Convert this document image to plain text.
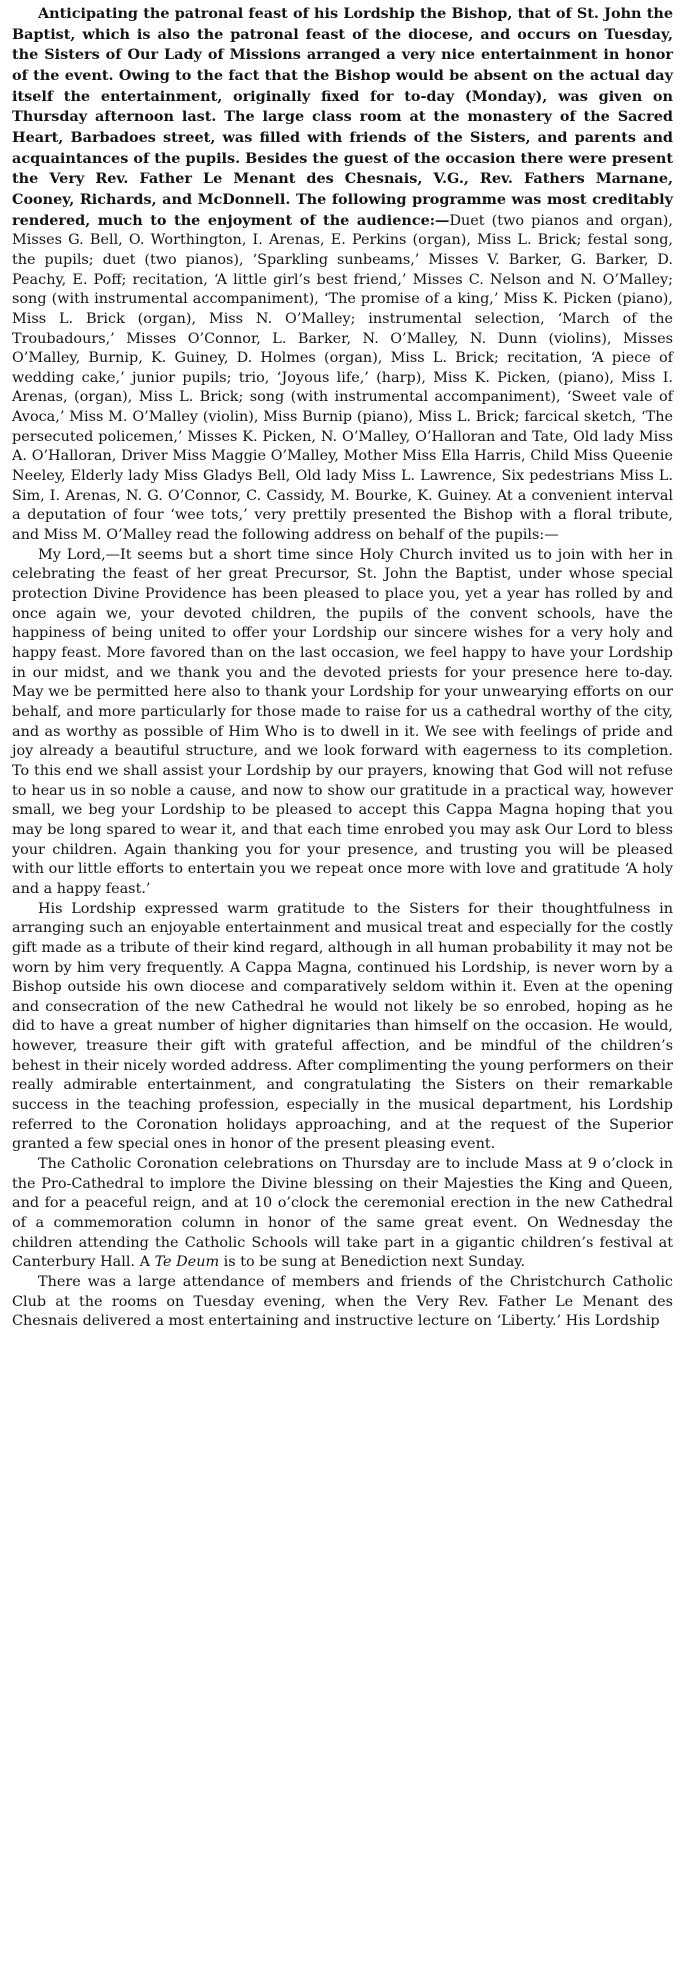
Anticipating the patronal feast of his Lordship the Bishop, that of St. John the Baptist, which is also the patronal feast of the diocese, and occurs on Tuesday, the Sisters of Our Lady of Missions arranged a very nice entertainment in honor of the event. Owing to the fact that the Bishop would be absent on the actual day itself the entertainment, originally fixed for to-day (Monday), was given on Thursday afternoon last. The large class room at the monastery of the Sacred Heart, Barbadoes street, was filled with friends of the Sisters, and parents and acquaintances of the pupils. Besides the guest of the occasion there were present the Very Rev. Father Le Menant des Chesnais, V.G., Rev. Fathers Marnane, Cooney, Richards, and McDonnell. The following programme was most creditably rendered, much to the enjoyment of the audience:—Duet (two pianos and organ), Misses G. Bell, O. Worthington, I. Arenas, E. Perkins (organ), Miss L. Brick; festal song, the pupils; duet (two pianos), ‘Sparkling sunbeams,’ Misses V. Barker, G. Barker, D. Peachy, E. Poff; recitation, ‘A little girl’s best friend,’ Misses C. Nelson and N. O’Malley; song (with instrumental accompaniment), ‘The promise of a king,’ Miss K. Picken (piano), Miss L. Brick (organ), Miss N. O’Malley; instrumental selection, ‘March of the Troubadours,’ Misses O’Connor, L. Barker, N. O’Malley, N. Dunn (violins), Misses O’Malley, Burnip, K. Guiney, D. Holmes (organ), Miss L. Brick; recitation, ‘A piece of wedding cake,’ junior pupils; trio, ‘Joyous life,’ (harp), Miss K. Picken, (piano), Miss I. Arenas, (organ), Miss L. Brick; song (with instrumental accompaniment), ‘Sweet vale of Avoca,’ Miss M. O’Malley (violin), Miss Burnip (piano), Miss L. Brick; farcical sketch, ‘The persecuted policemen,’ Misses K. Picken, N. O’Malley, O’Halloran and Tate, Old lady Miss A. O’Halloran, Driver Miss Maggie O’Malley, Mother Miss Ella Harris, Child Miss Queenie Neeley, Elderly lady Miss Gladys Bell, Old lady Miss L. Lawrence, Six pedestrians Miss L. Sim, I. Arenas, N. G. O’Connor, C. Cassidy, M. Bourke, K. Guiney. At a convenient interval a deputation of four ‘wee tots,’ very prettily presented the Bishop with a floral tribute, and Miss M. O’Malley read the following address on behalf of the pupils:—

My Lord,—It seems but a short time since Holy Church invited us to join with her in celebrating the feast of her great Precursor, St. John the Baptist, under whose special protection Divine Providence has been pleased to place you, yet a year has rolled by and once again we, your devoted children, the pupils of the convent schools, have the happiness of being united to offer your Lordship our sincere wishes for a very holy and happy feast. More favored than on the last occasion, we feel happy to have your Lordship in our midst, and we thank you and the devoted priests for your presence here to-day. May we be permitted here also to thank your Lordship for your unwearying efforts on our behalf, and more particularly for those made to raise for us a cathedral worthy of the city, and as worthy as possible of Him Who is to dwell in it. We see with feelings of pride and joy already a beautiful structure, and we look forward with eagerness to its completion. To this end we shall assist your Lordship by our prayers, knowing that God will not refuse to hear us in so noble a cause, and now to show our gratitude in a practical way, however small, we beg your Lordship to be pleased to accept this Cappa Magna hoping that you may be long spared to wear it, and that each time enrobed you may ask Our Lord to bless your children. Again thanking you for your presence, and trusting you will be pleased with our little efforts to entertain you we repeat once more with love and gratitude ‘A holy and a happy feast.’

His Lordship expressed warm gratitude to the Sisters for their thoughtfulness in arranging such an enjoyable entertainment and musical treat and especially for the costly gift made as a tribute of their kind regard, although in all human probability it may not be worn by him very frequently. A Cappa Magna, continued his Lordship, is never worn by a Bishop outside his own diocese and comparatively seldom within it. Even at the opening and consecration of the new Cathedral he would not likely be so enrobed, hoping as he did to have a great number of higher dignitaries than himself on the occasion. He would, however, treasure their gift with grateful affection, and be mindful of the children’s behest in their nicely worded address. After complimenting the young performers on their really admirable entertainment, and congratulating the Sisters on their remarkable success in the teaching profession, especially in the musical department, his Lordship referred to the Coronation holidays approaching, and at the request of the Superior granted a few special ones in honor of the present pleasing event.

The Catholic Coronation celebrations on Thursday are to include Mass at 9 o’clock in the Pro-Cathedral to implore the Divine blessing on their Majesties the King and Queen, and for a peaceful reign, and at 10 o’clock the ceremonial erection in the new Cathedral of a commemoration column in honor of the same great event. On Wednesday the children attending the Catholic Schools will take part in a gigantic children’s festival at Canterbury Hall. A Te Deum is to be sung at Benediction next Sunday.

There was a large attendance of members and friends of the Christchurch Catholic Club at the rooms on Tuesday evening, when the Very Rev. Father Le Menant des Chesnais delivered a most entertaining and instructive lecture on ‘Liberty.’ His Lordship
